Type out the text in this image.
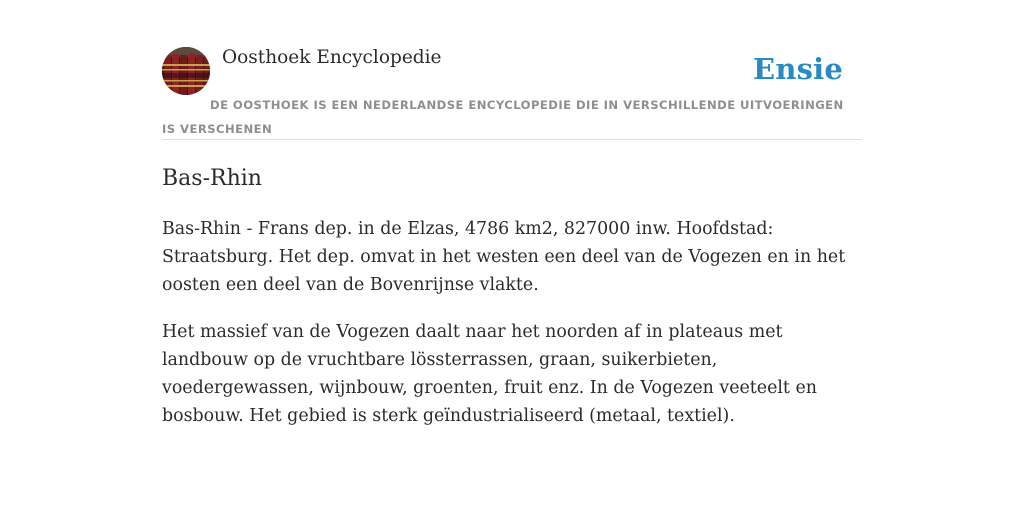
Oosthoek Encyclopedie	Ensie
DE OOSTHOEK IS EEN NEDERLANDSE ENCYCLOPEDIE DIE IN VERSCHILLENDE UITVOERINGEN IS VERSCHENEN
Bas-Rhin

Bas-Rhin - Frans dep. in de Elzas, 4786 km2, 827000 inw. Hoofdstad: Straatsburg. Het dep. omvat in het westen een deel van de Vogezen en in het oosten een deel van de Bovenrijnse vlakte.

Het massief van de Vogezen daalt naar het noorden af in plateaus met landbouw op de vruchtbare lössterrassen, graan, suikerbieten, voedergewassen, wijnbouw, groenten, fruit enz. In de Vogezen veeteelt en bosbouw. Het gebied is sterk geïndustrialiseerd (metaal, textiel).
